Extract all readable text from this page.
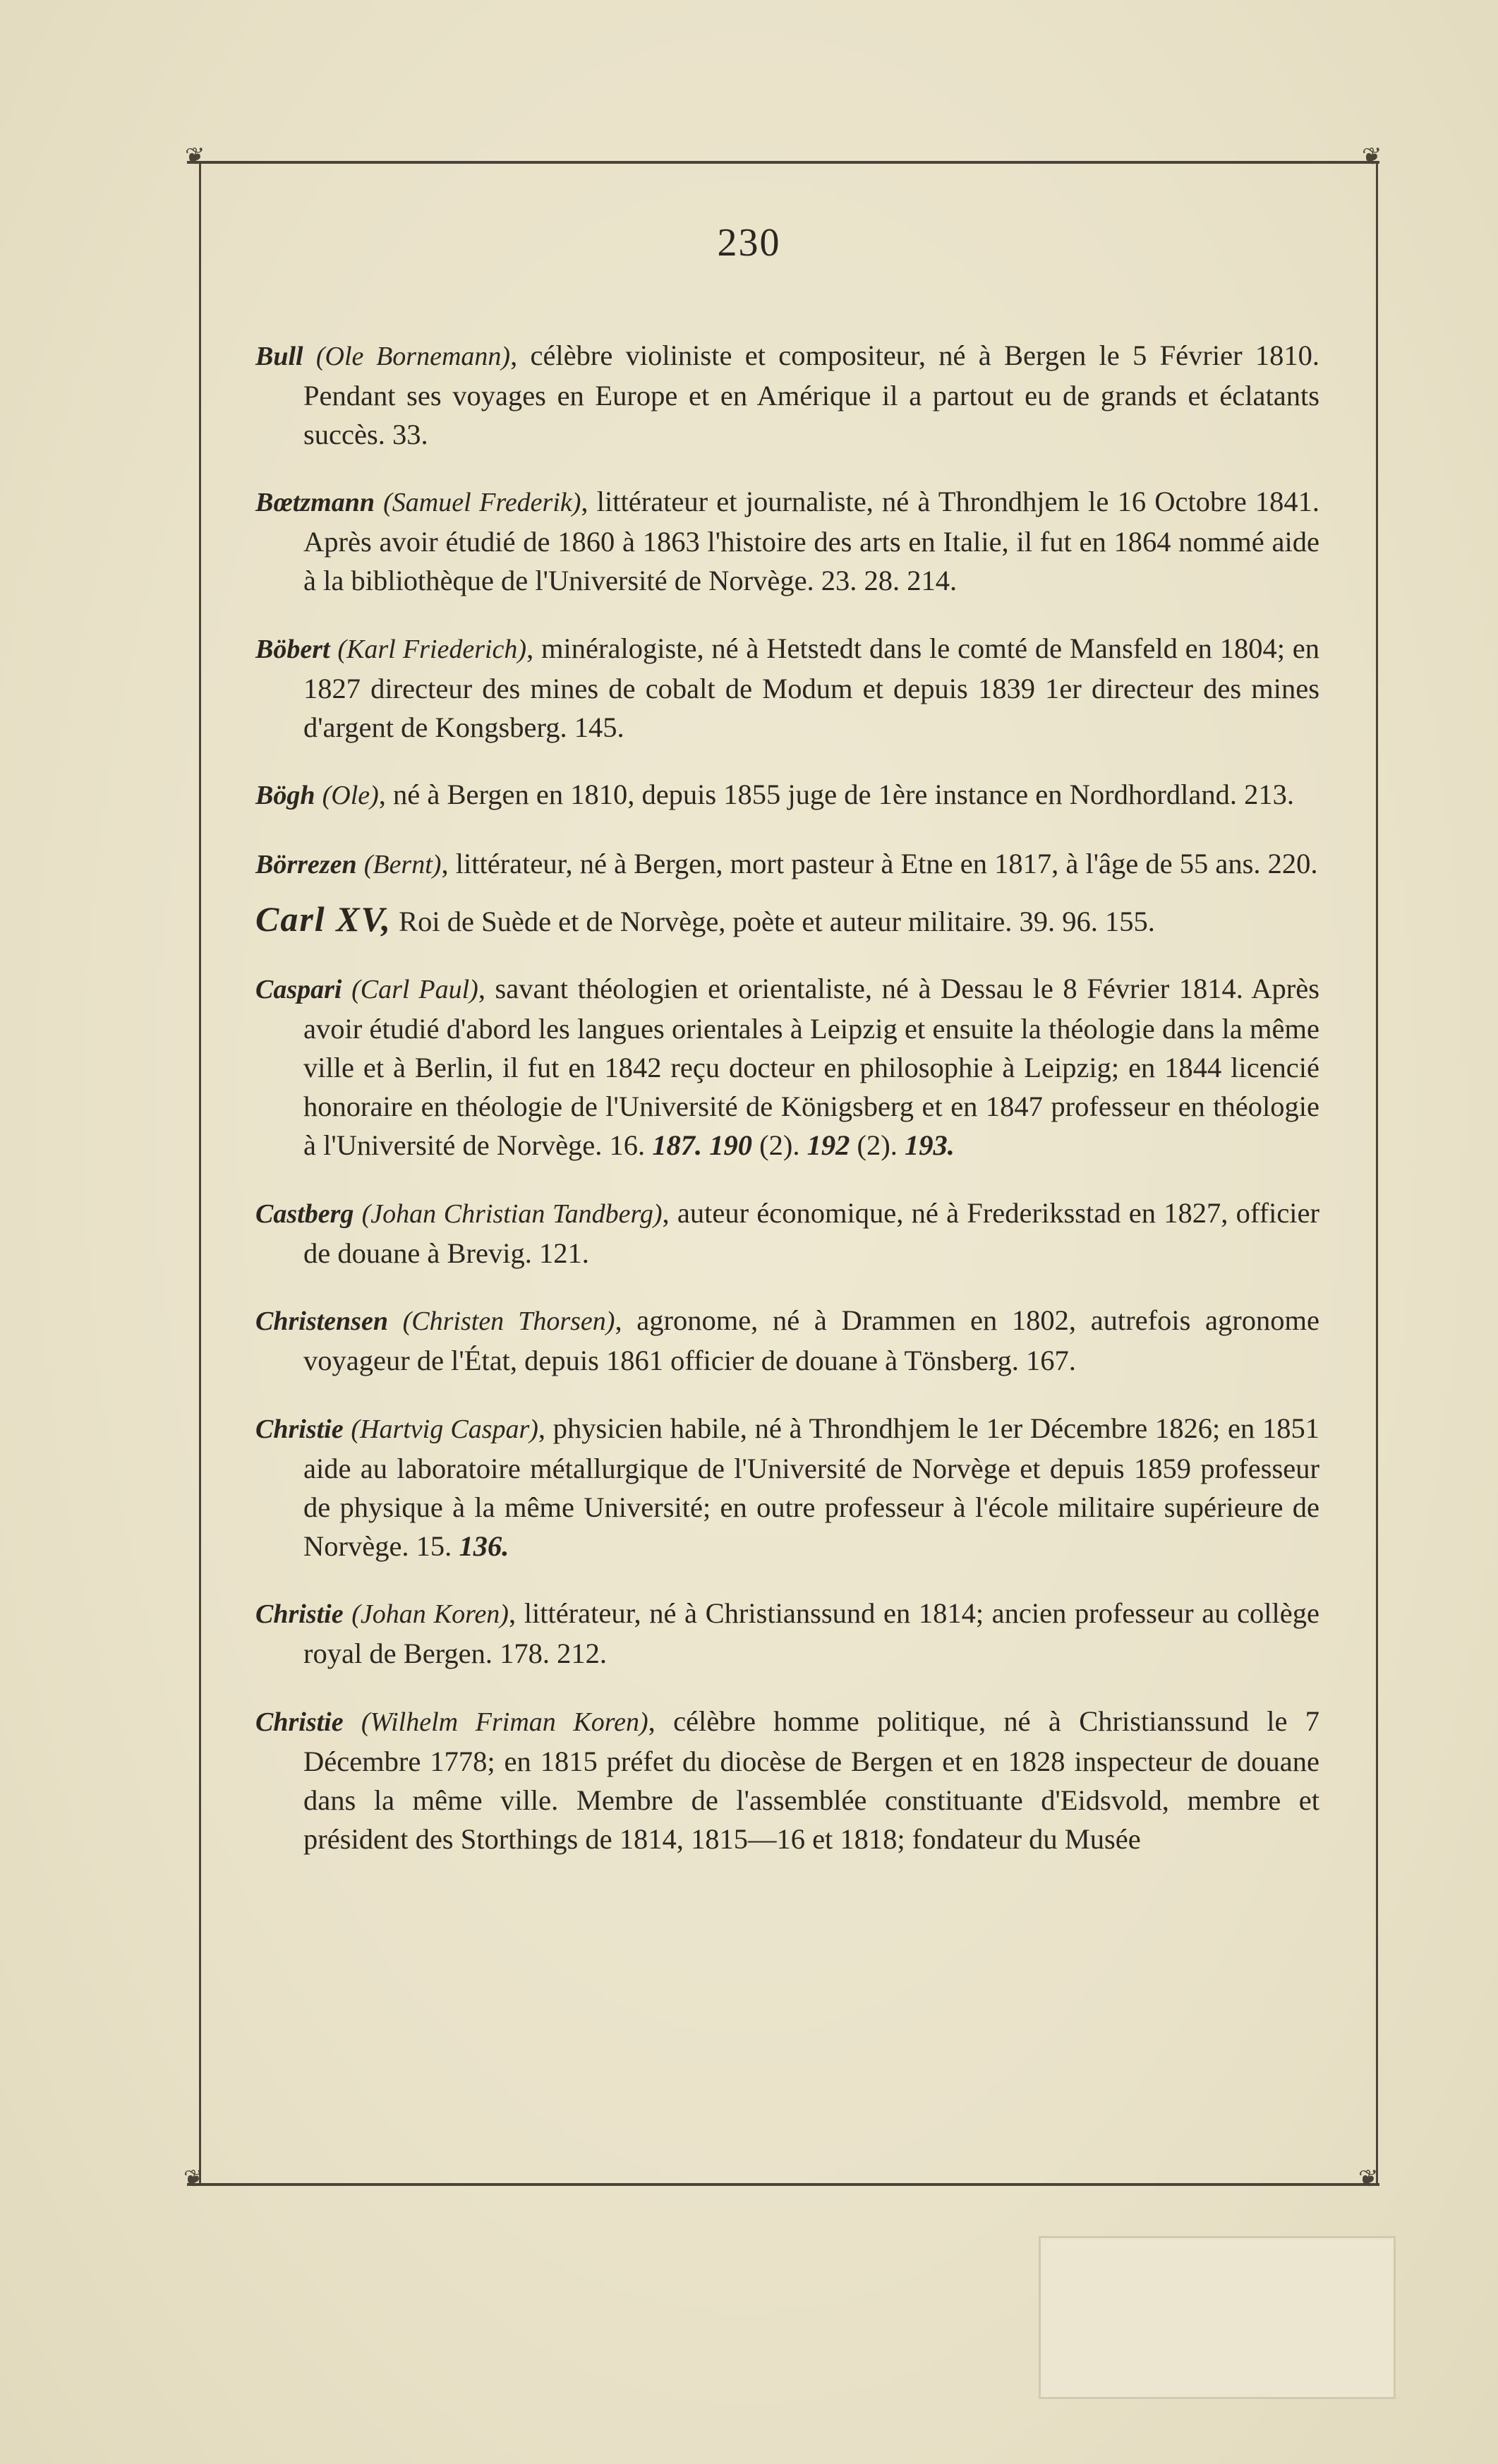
❦	❦
❦	❦
230

Bull (Ole Bornemann), célèbre violiniste et compositeur, né à Bergen le 5 Février 1810. Pendant ses voyages en Europe et en Amérique il a partout eu de grands et éclatants succès. 33.

Bœtzmann (Samuel Frederik), littérateur et journaliste, né à Throndhjem le 16 Octobre 1841. Après avoir étudié de 1860 à 1863 l'histoire des arts en Italie, il fut en 1864 nommé aide à la bibliothèque de l'Université de Norvège. 23. 28. 214.

Böbert (Karl Friederich), minéralogiste, né à Hetstedt dans le comté de Mansfeld en 1804; en 1827 directeur des mines de cobalt de Modum et depuis 1839 1er directeur des mines d'argent de Kongsberg. 145.

Bögh (Ole), né à Bergen en 1810, depuis 1855 juge de 1ère instance en Nordhordland. 213.

Börrezen (Bernt), littérateur, né à Bergen, mort pasteur à Etne en 1817, à l'âge de 55 ans. 220.

Carl XV, Roi de Suède et de Norvège, poète et auteur militaire. 39. 96. 155.

Caspari (Carl Paul), savant théologien et orientaliste, né à Dessau le 8 Février 1814. Après avoir étudié d'abord les langues orientales à Leipzig et ensuite la théologie dans la même ville et à Berlin, il fut en 1842 reçu docteur en philosophie à Leipzig; en 1844 licencié honoraire en théologie de l'Université de Königsberg et en 1847 professeur en théologie à l'Université de Norvège. 16. 187. 190 (2). 192 (2). 193.

Castberg (Johan Christian Tandberg), auteur économique, né à Frederiksstad en 1827, officier de douane à Brevig. 121.

Christensen (Christen Thorsen), agronome, né à Drammen en 1802, autrefois agronome voyageur de l'État, depuis 1861 officier de douane à Tönsberg. 167.

Christie (Hartvig Caspar), physicien habile, né à Throndhjem le 1er Décembre 1826; en 1851 aide au laboratoire métallurgique de l'Université de Norvège et depuis 1859 professeur de physique à la même Université; en outre professeur à l'école militaire supérieure de Norvège. 15. 136.

Christie (Johan Koren), littérateur, né à Christianssund en 1814; ancien professeur au collège royal de Bergen. 178. 212.

Christie (Wilhelm Friman Koren), célèbre homme politique, né à Christianssund le 7 Décembre 1778; en 1815 préfet du diocèse de Bergen et en 1828 inspecteur de douane dans la même ville. Membre de l'assemblée constituante d'Eidsvold, membre et président des Storthings de 1814, 1815—16 et 1818; fondateur du Musée
